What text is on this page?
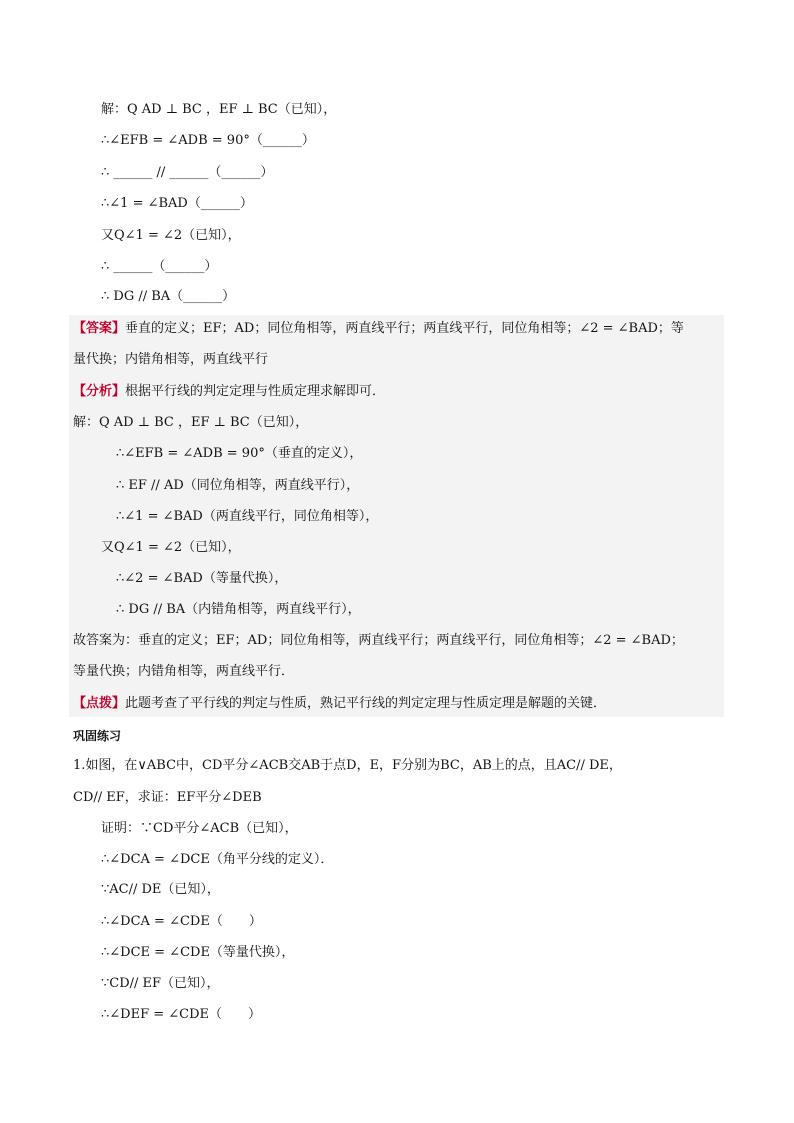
解：Q AD ⊥ BC ，EF ⊥ BC（已知），
∴∠EFB = ∠ADB = 90°（______）
∴ ______ // ______（______）
∴∠1 = ∠BAD（______）
又Q∠1 = ∠2（已知），
∴ ______（______）
∴ DG // BA（______）
【答案】垂直的定义；EF；AD；同位角相等，两直线平行；两直线平行，同位角相等；∠2 = ∠BAD；等
量代换；内错角相等，两直线平行
【分析】根据平行线的判定定理与性质定理求解即可．
解：Q AD ⊥ BC ，EF ⊥ BC（已知），
∴∠EFB = ∠ADB = 90°（垂直的定义），
∴ EF // AD（同位角相等，两直线平行），
∴∠1 = ∠BAD（两直线平行，同位角相等），
又Q∠1 = ∠2（已知），
∴∠2 = ∠BAD（等量代换），
∴ DG // BA（内错角相等，两直线平行），
故答案为：垂直的定义；EF；AD；同位角相等，两直线平行；两直线平行，同位角相等；∠2 = ∠BAD；
等量代换；内错角相等，两直线平行．
【点拨】此题考查了平行线的判定与性质，熟记平行线的判定定理与性质定理是解题的关键．
巩固练习
1.如图，在∨ABC中，CD平分∠ACB交AB于点D，E，F分别为BC，AB上的点，且AC// DE，
CD// EF，求证：EF平分∠DEB
证明：∵CD平分∠ACB（已知），
∴∠DCA = ∠DCE（角平分线的定义）．
∵AC// DE（已知），
∴∠DCA = ∠CDE（　　）
∴∠DCE = ∠CDE（等量代换），
∵CD// EF（已知），
∴∠DEF = ∠CDE（　　）
